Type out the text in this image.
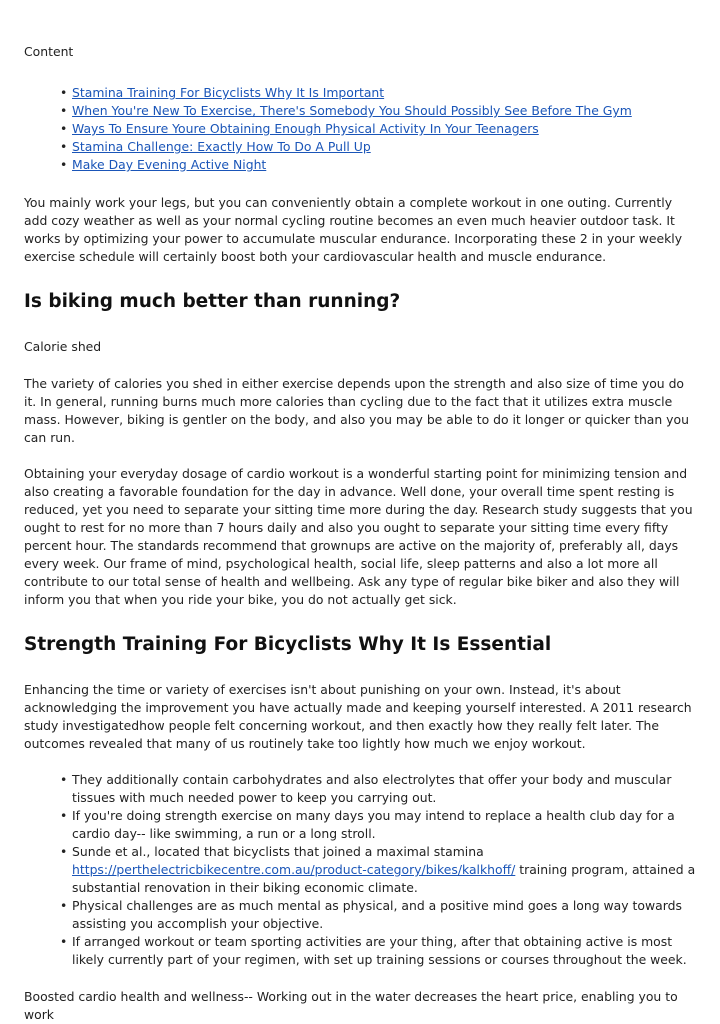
Content

• Stamina Training For Bicyclists Why It Is Important
• When You're New To Exercise, There's Somebody You Should Possibly See Before The Gym
• Ways To Ensure Youre Obtaining Enough Physical Activity In Your Teenagers
• Stamina Challenge: Exactly How To Do A Pull Up
• Make Day Evening Active Night

You mainly work your legs, but you can conveniently obtain a complete workout in one outing. Currently add cozy weather as well as your normal cycling routine becomes an even much heavier outdoor task. It works by optimizing your power to accumulate muscular endurance. Incorporating these 2 in your weekly exercise schedule will certainly boost both your cardiovascular health and muscle endurance.

Is biking much better than running?

Calorie shed

The variety of calories you shed in either exercise depends upon the strength and also size of time you do it. In general, running burns much more calories than cycling due to the fact that it utilizes extra muscle mass. However, biking is gentler on the body, and also you may be able to do it longer or quicker than you can run.

Obtaining your everyday dosage of cardio workout is a wonderful starting point for minimizing tension and also creating a favorable foundation for the day in advance. Well done, your overall time spent resting is reduced, yet you need to separate your sitting time more during the day. Research study suggests that you ought to rest for no more than 7 hours daily and also you ought to separate your sitting time every fifty percent hour. The standards recommend that grownups are active on the majority of, preferably all, days every week. Our frame of mind, psychological health, social life, sleep patterns and also a lot more all contribute to our total sense of health and wellbeing. Ask any type of regular bike biker and also they will inform you that when you ride your bike, you do not actually get sick.

Strength Training For Bicyclists Why It Is Essential

Enhancing the time or variety of exercises isn't about punishing on your own. Instead, it's about acknowledging the improvement you have actually made and keeping yourself interested. A 2011 research study investigatedhow people felt concerning workout, and then exactly how they really felt later. The outcomes revealed that many of us routinely take too lightly how much we enjoy workout.

• They additionally contain carbohydrates and also electrolytes that offer your body and muscular tissues with much needed power to keep you carrying out.
• If you're doing strength exercise on many days you may intend to replace a health club day for a cardio day-- like swimming, a run or a long stroll.
• Sunde et al., located that bicyclists that joined a maximal stamina https://perthelectricbikecentre.com.au/product-category/bikes/kalkhoff/ training program, attained a substantial renovation in their biking economic climate.
• Physical challenges are as much mental as physical, and a positive mind goes a long way towards assisting you accomplish your objective.
• If arranged workout or team sporting activities are your thing, after that obtaining active is most likely currently part of your regimen, with set up training sessions or courses throughout the week.

Boosted cardio health and wellness-- Working out in the water decreases the heart price, enabling you to work
